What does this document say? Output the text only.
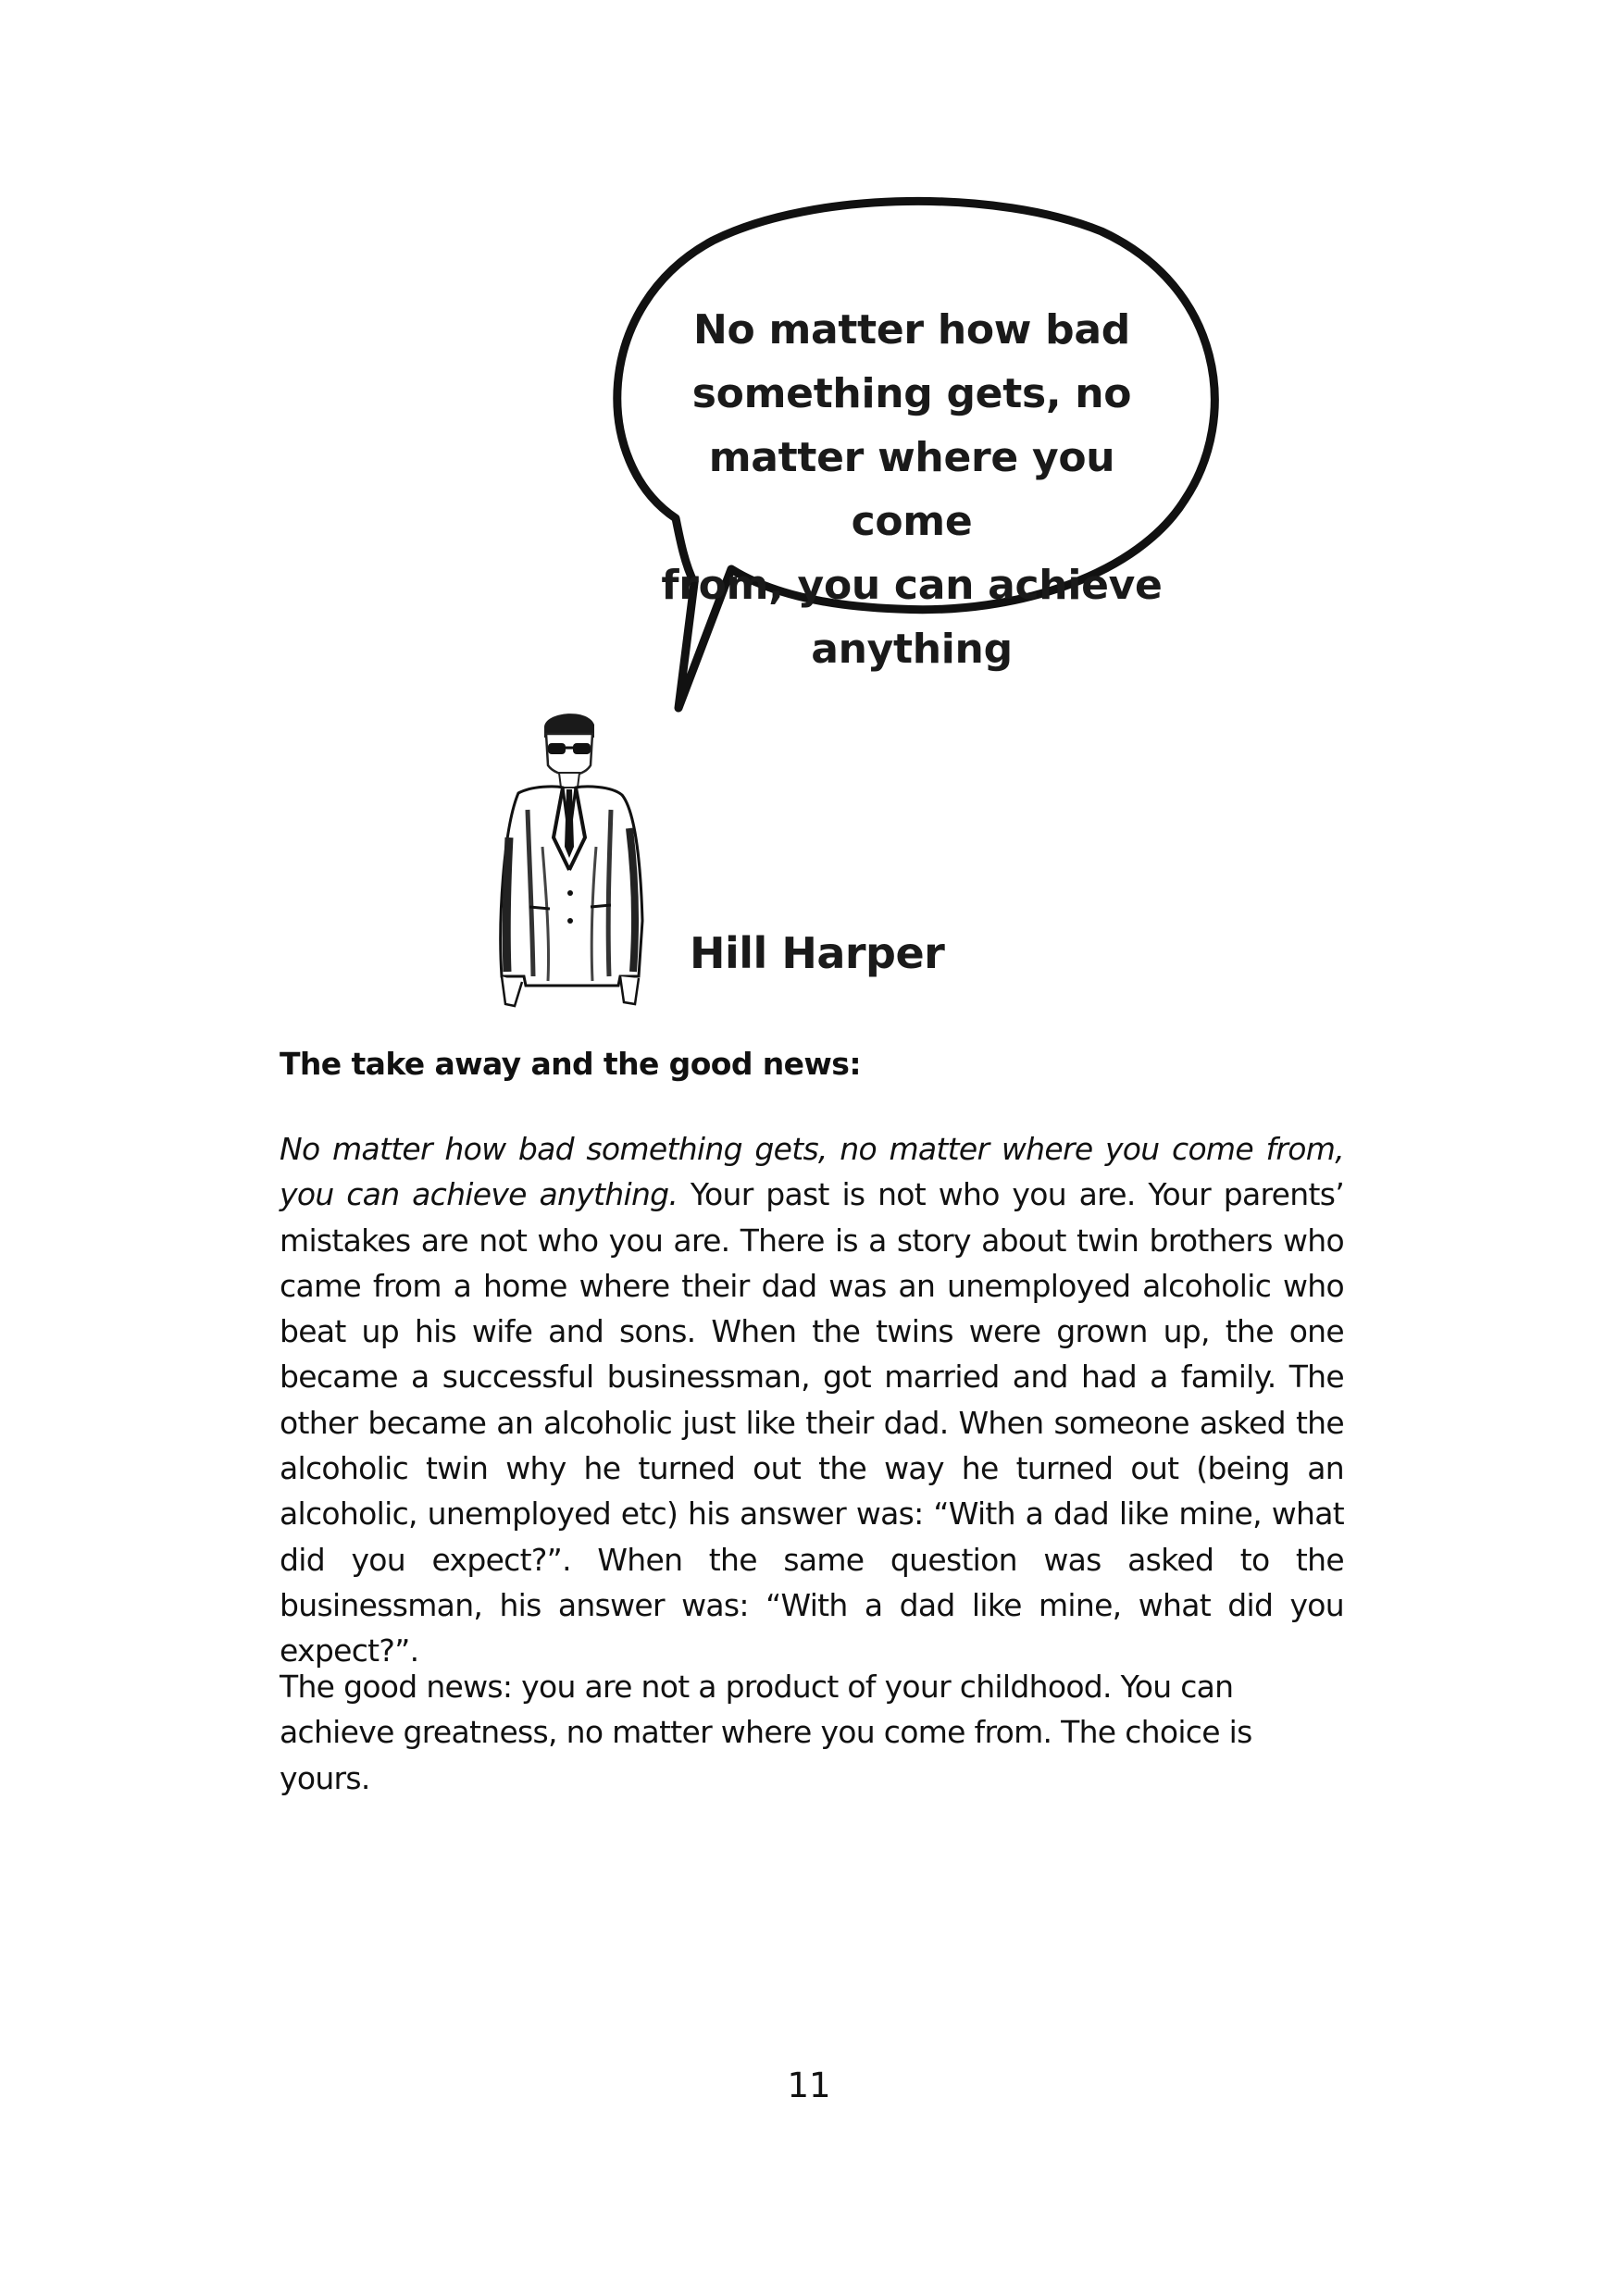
No matter how bad
something gets, no
matter where you come
from, you can achieve
anything
Hill Harper
The take away and the good news:

No matter how bad something gets, no matter where you come from, you can achieve anything. Your past is not who you are. Your parents’ mistakes are not who you are. There is a story about twin brothers who came from a home where their dad was an unemployed alcoholic who beat up his wife and sons. When the twins were grown up, the one became a successful businessman, got married and had a family. The other became an alcoholic just like their dad. When someone asked the alcoholic twin why he turned out the way he turned out (being an alcoholic, unemployed etc) his answer was: “With a dad like mine, what did you expect?”. When the same question was asked to the businessman, his answer was: “With a dad like mine, what did you expect?”.

The good news: you are not a product of your childhood. You can
achieve greatness, no matter where you come from. The choice is yours.

11
